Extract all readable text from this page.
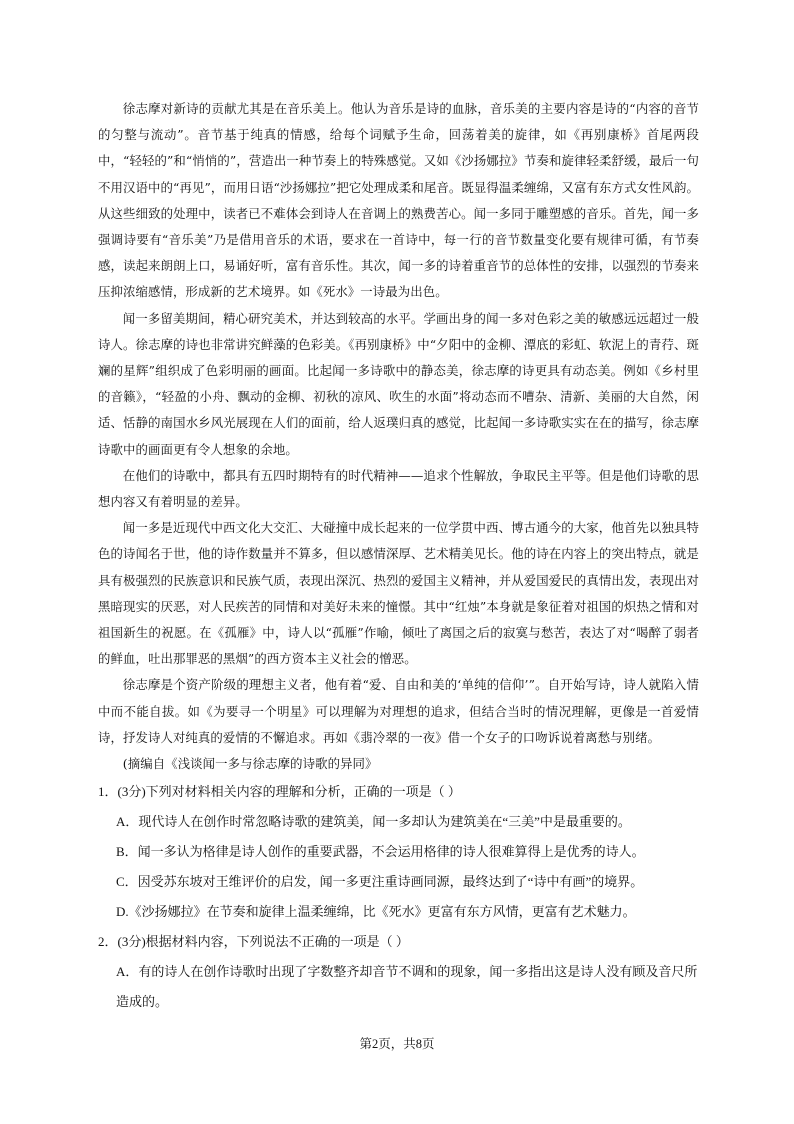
徐志摩对新诗的贡献尤其是在音乐美上。他认为音乐是诗的血脉，音乐美的主要内容是诗的“内容的音节的匀整与流动”。音节基于纯真的情感，给每个词赋予生命，回荡着美的旋律，如《再别康桥》首尾两段中，“轻轻的”和“悄悄的”，营造出一种节奏上的特殊感觉。又如《沙扬娜拉》节奏和旋律轻柔舒缓，最后一句不用汉语中的“再见”，而用日语“沙扬娜拉”把它处理成柔和尾音。既显得温柔缠绵，又富有东方式女性风韵。从这些细致的处理中，读者已不难体会到诗人在音调上的熟费苦心。闻一多同于雕塑感的音乐。首先，闻一多强调诗要有“音乐美”乃是借用音乐的术语，要求在一首诗中，每一行的音节数量变化要有规律可循，有节奏感，读起来朗朗上口，易诵好听，富有音乐性。其次，闻一多的诗着重音节的总体性的安排，以强烈的节奏来压抑浓缩感情，形成新的艺术境界。如《死水》一诗最为出色。

闻一多留美期间，精心研究美术，并达到较高的水平。学画出身的闻一多对色彩之美的敏感远远超过一般诗人。徐志摩的诗也非常讲究鲜藻的色彩美。《再别康桥》中“夕阳中的金柳、潭底的彩虹、软泥上的青荇、斑斓的星辉”组织成了色彩明丽的画面。比起闻一多诗歌中的静态美，徐志摩的诗更具有动态美。例如《乡村里的音籁》，“轻盈的小舟、飘动的金柳、初秋的凉风、吹生的水面”将动态而不嘈杂、清新、美丽的大自然，闲适、恬静的南国水乡风光展现在人们的面前，给人返璞归真的感觉，比起闻一多诗歌实实在在的描写，徐志摩诗歌中的画面更有令人想象的余地。

在他们的诗歌中，都具有五四时期特有的时代精神——追求个性解放，争取民主平等。但是他们诗歌的思想内容又有着明显的差异。

闻一多是近现代中西文化大交汇、大碰撞中成长起来的一位学贯中西、博古通今的大家，他首先以独具特色的诗闻名于世，他的诗作数量并不算多，但以感情深厚、艺术精美见长。他的诗在内容上的突出特点，就是具有极强烈的民族意识和民族气质，表现出深沉、热烈的爱国主义精神，并从爱国爱民的真情出发，表现出对黑暗现实的厌恶，对人民疾苦的同情和对美好未来的憧憬。其中“红烛”本身就是象征着对祖国的炽热之情和对祖国新生的祝愿。在《孤雁》中，诗人以“孤雁”作喻，倾吐了离国之后的寂寞与愁苦，表达了对“喝醉了弱者的鲜血，吐出那罪恶的黑烟”的西方资本主义社会的憎恶。

徐志摩是个资产阶级的理想主义者，他有着“爱、自由和美的‘单纯的信仰’”。自开始写诗，诗人就陷入情中而不能自拔。如《为要寻一个明星》可以理解为对理想的追求，但结合当时的情况理解，更像是一首爱情诗，抒发诗人对纯真的爱情的不懈追求。再如《翡冷翠的一夜》借一个女子的口吻诉说着离愁与别绪。

(摘编自《浅谈闻一多与徐志摩的诗歌的异同》

1．(3分)下列对材料相关内容的理解和分析，正确的一项是（ ）

A．现代诗人在创作时常忽略诗歌的建筑美，闻一多却认为建筑美在“三美”中是最重要的。

B．闻一多认为格律是诗人创作的重要武器，不会运用格律的诗人很难算得上是优秀的诗人。

C．因受苏东坡对王维评价的启发，闻一多更注重诗画同源，最终达到了“诗中有画”的境界。

D.《沙扬娜拉》在节奏和旋律上温柔缠绵，比《死水》更富有东方风情，更富有艺术魅力。

2．(3分)根据材料内容，下列说法不正确的一项是（ ）

A．有的诗人在创作诗歌时出现了字数整齐却音节不调和的现象，闻一多指出这是诗人没有顾及音尺所造成的。

第2页，共8页
